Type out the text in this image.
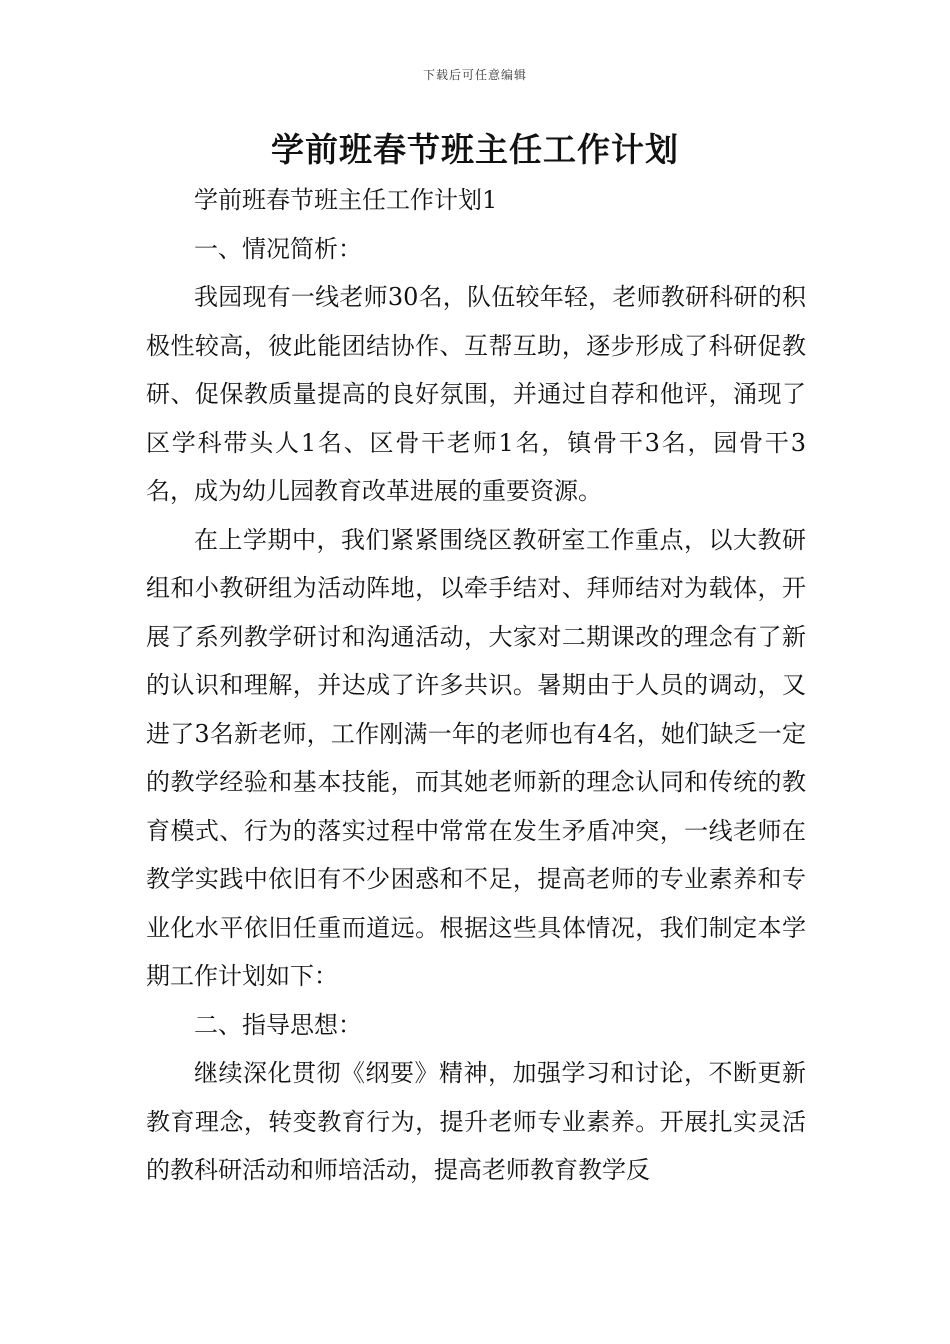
下载后可任意编辑
学前班春节班主任工作计划

学前班春节班主任工作计划1

一、情况简析：

我园现有一线老师30名，队伍较年轻，老师教研科研的积极性较高，彼此能团结协作、互帮互助，逐步形成了科研促教研、促保教质量提高的良好氛围，并通过自荐和他评，涌现了区学科带头人1名、区骨干老师1名，镇骨干3名，园骨干3名，成为幼儿园教育改革进展的重要资源。

在上学期中，我们紧紧围绕区教研室工作重点，以大教研组和小教研组为活动阵地，以牵手结对、拜师结对为载体，开展了系列教学研讨和沟通活动，大家对二期课改的理念有了新的认识和理解，并达成了许多共识。暑期由于人员的调动，又进了3名新老师，工作刚满一年的老师也有4名，她们缺乏一定的教学经验和基本技能，而其她老师新的理念认同和传统的教育模式、行为的落实过程中常常在发生矛盾冲突，一线老师在教学实践中依旧有不少困惑和不足，提高老师的专业素养和专业化水平依旧任重而道远。根据这些具体情况，我们制定本学期工作计划如下：

二、指导思想：

继续深化贯彻《纲要》精神，加强学习和讨论，不断更新教育理念，转变教育行为，提升老师专业素养。开展扎实灵活的教科研活动和师培活动，提高老师教育教学反
